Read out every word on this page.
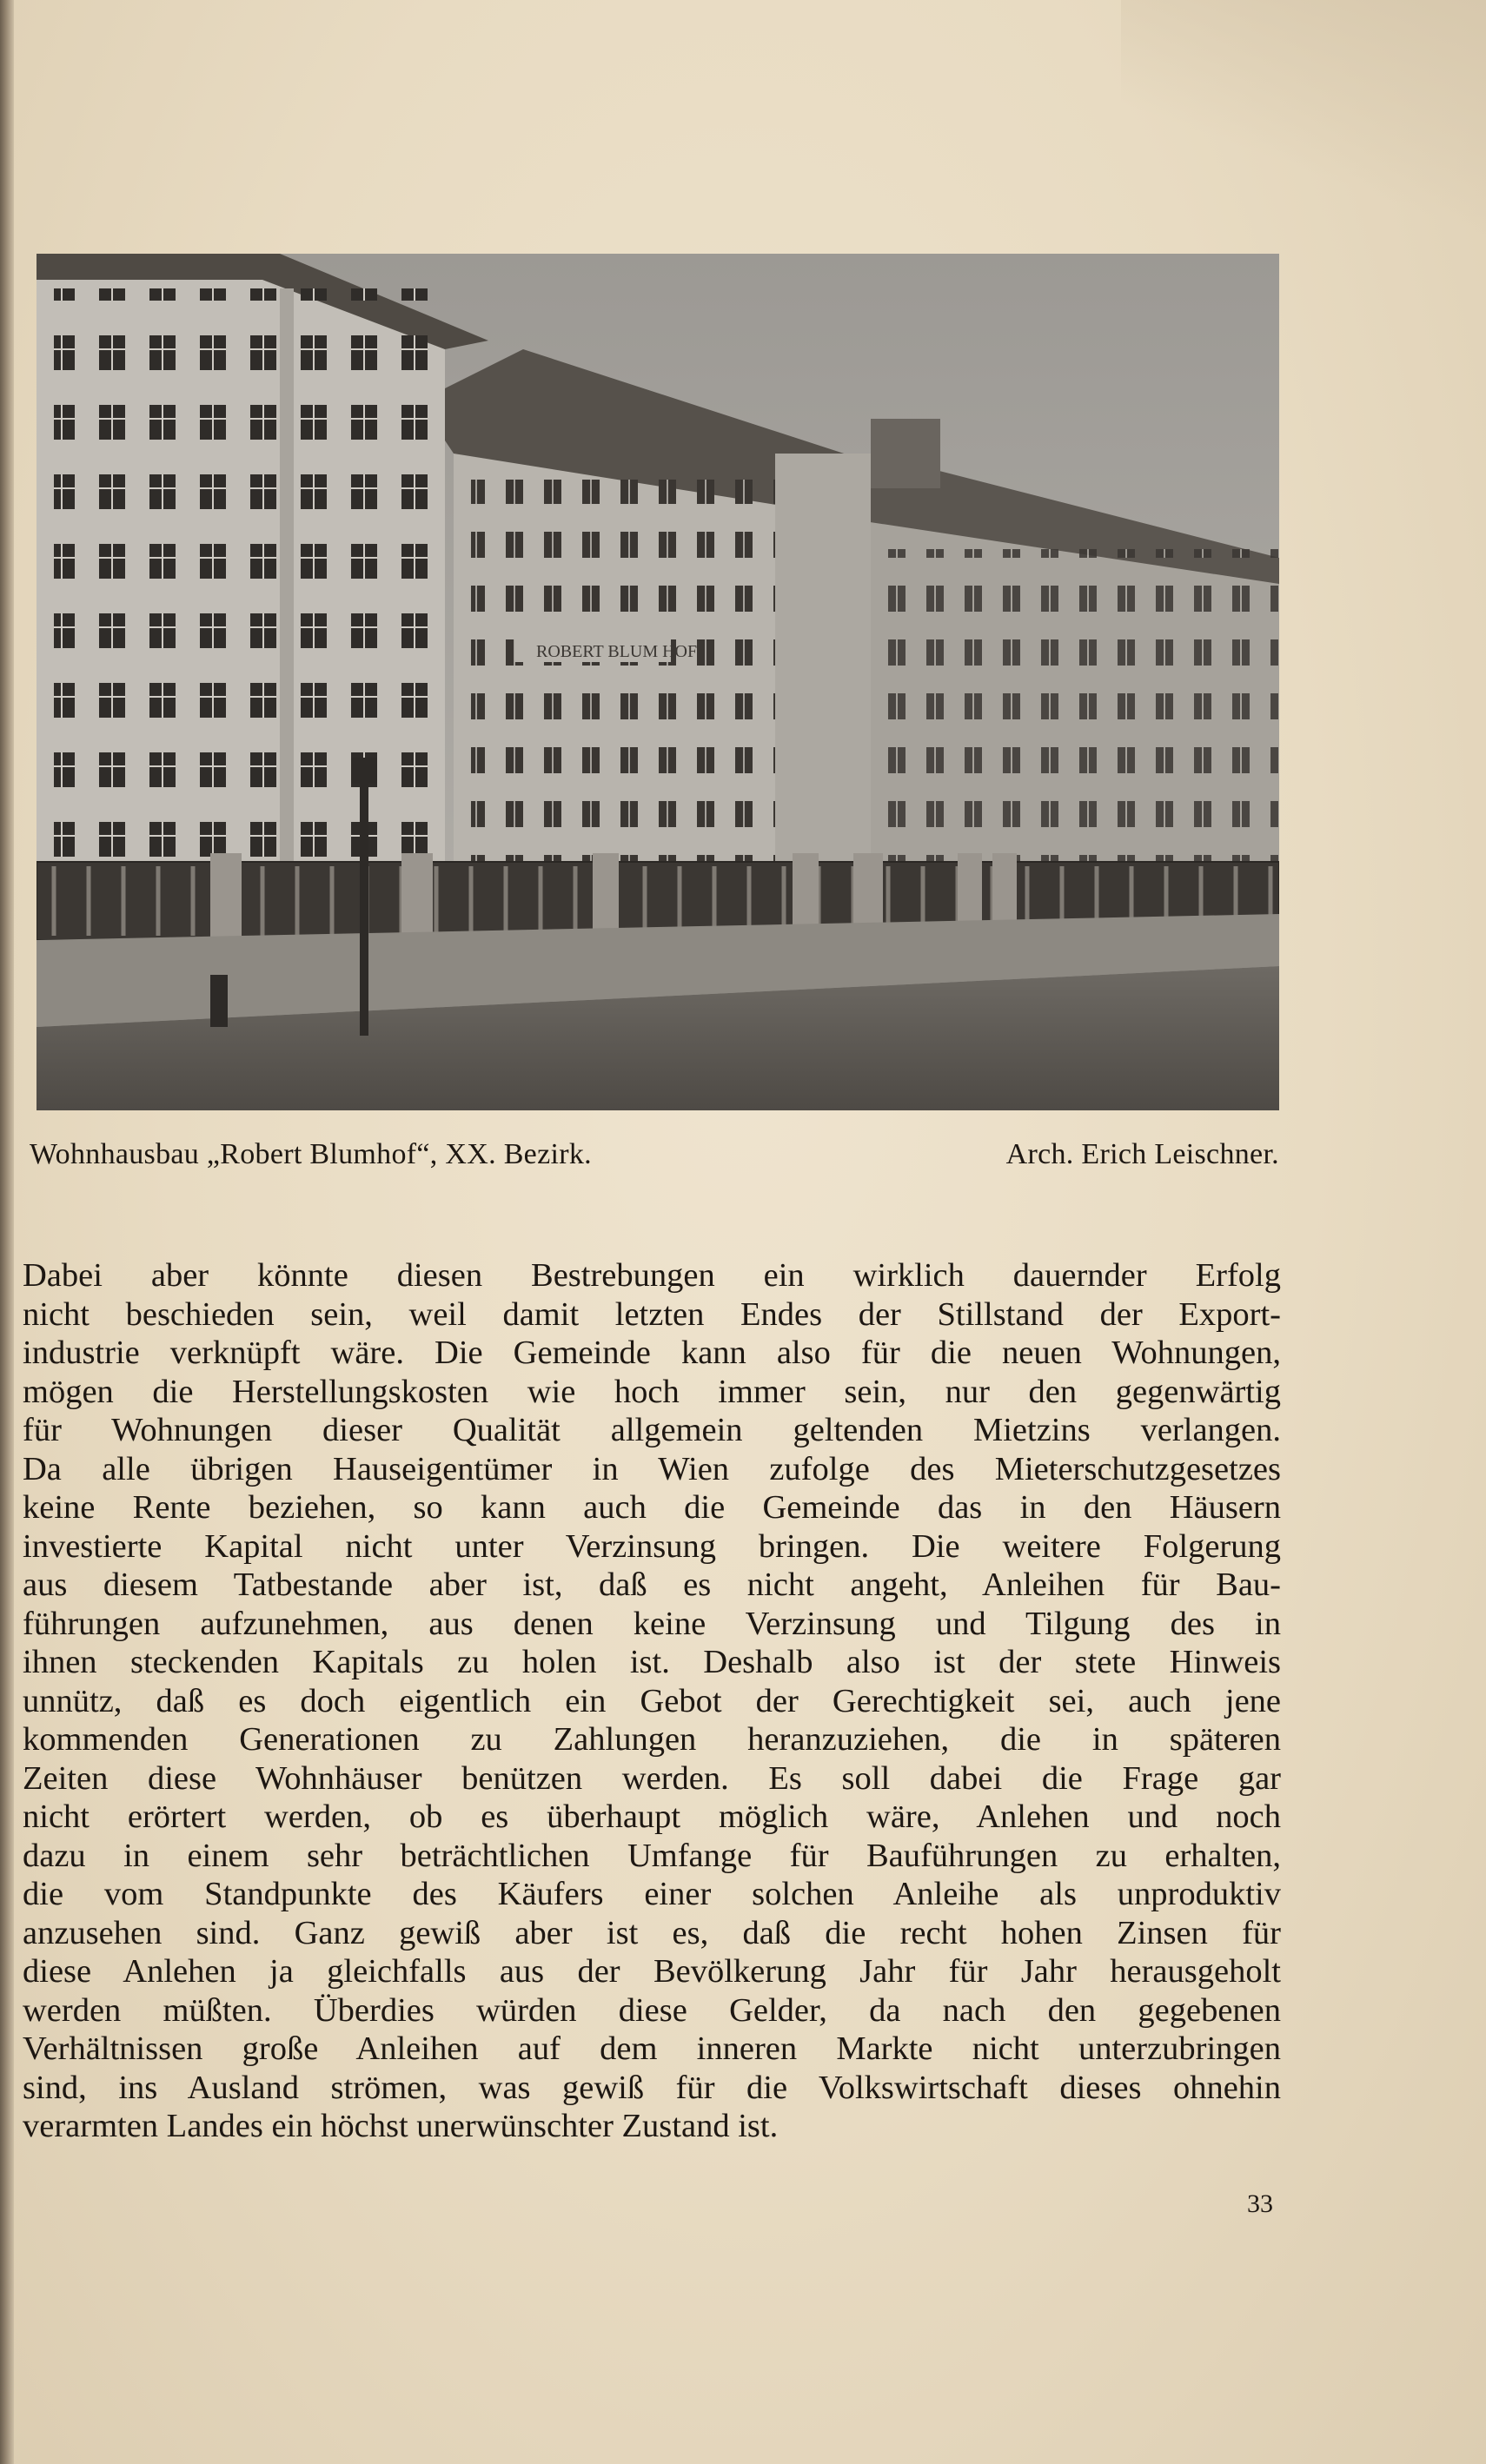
ROBERT BLUM HOF
Wohnhausbau „Robert Blumhof“, XX. Bezirk.	Arch. Erich Leischner.
Dabei aber könnte diesen Bestrebungen ein wirklich dauernder Erfolg
nicht beschieden sein, weil damit letzten Endes der Stillstand der Export-
industrie verknüpft wäre. Die Gemeinde kann also für die neuen Wohnungen,
mögen die Herstellungskosten wie hoch immer sein, nur den gegenwärtig
für Wohnungen dieser Qualität allgemein geltenden Mietzins verlangen.
Da alle übrigen Hauseigentümer in Wien zufolge des Mieterschutzgesetzes
keine Rente beziehen, so kann auch die Gemeinde das in den Häusern
investierte Kapital nicht unter Verzinsung bringen. Die weitere Folgerung
aus diesem Tatbestande aber ist, daß es nicht angeht, Anleihen für Bau-
führungen aufzunehmen, aus denen keine Verzinsung und Tilgung des in
ihnen steckenden Kapitals zu holen ist. Deshalb also ist der stete Hinweis
unnütz, daß es doch eigentlich ein Gebot der Gerechtigkeit sei, auch jene
kommenden Generationen zu Zahlungen heranzuziehen, die in späteren
Zeiten diese Wohnhäuser benützen werden. Es soll dabei die Frage gar
nicht erörtert werden, ob es überhaupt möglich wäre, Anlehen und noch
dazu in einem sehr beträchtlichen Umfange für Bauführungen zu erhalten,
die vom Standpunkte des Käufers einer solchen Anleihe als unproduktiv
anzusehen sind. Ganz gewiß aber ist es, daß die recht hohen Zinsen für
diese Anlehen ja gleichfalls aus der Bevölkerung Jahr für Jahr herausgeholt
werden müßten. Überdies würden diese Gelder, da nach den gegebenen
Verhältnissen große Anleihen auf dem inneren Markte nicht unterzubringen
sind, ins Ausland strömen, was gewiß für die Volkswirtschaft dieses ohnehin
verarmten Landes ein höchst unerwünschter Zustand ist.
33
